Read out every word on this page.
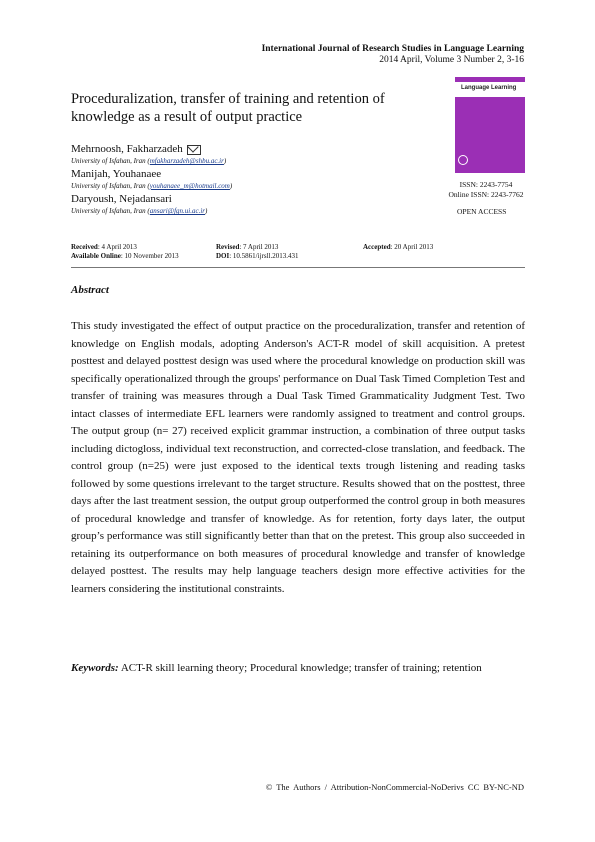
International Journal of Research Studies in Language Learning
2014 April, Volume 3 Number 2, 3-16
Language Learning
ISSN: 2243-7754
Online ISSN: 2243-7762
OPEN ACCESS
Proceduralization, transfer of training and retention of knowledge as a result of output practice
Mehrnoosh, Fakharzadeh
University of Isfahan, Iran (mfakharzadeh@shbu.ac.ir)
Manijah, Youhanaee
University of Isfahan, Iran (youhanaee_m@hotmail.com)
Daryoush, Nejadansari
University of Isfahan, Iran (ansari@fgn.ui.ac.ir)
Received: 4 April 2013	Revised: 7 April 2013	Accepted: 20 April 2013
Available Online: 10 November 2013	DOI: 10.5861/ijrsll.2013.431
Abstract
This study investigated the effect of output practice on the proceduralization, transfer and retention of knowledge on English modals, adopting Anderson's ACT-R model of skill acquisition. A pretest posttest and delayed posttest design was used where the procedural knowledge on production skill was specifically operationalized through the groups' performance on Dual Task Timed Completion Test and transfer of training was measures through a Dual Task Timed Grammaticality Judgment Test. Two intact classes of intermediate EFL learners were randomly assigned to treatment and control groups. The output group (n= 27) received explicit grammar instruction, a combination of three output tasks including dictogloss, individual text reconstruction, and corrected-close translation, and feedback. The control group (n=25) were just exposed to the identical texts trough listening and reading tasks followed by some questions irrelevant to the target structure. Results showed that on the posttest, three days after the last treatment session, the output group outperformed the control group in both measures of procedural knowledge and transfer of knowledge. As for retention, forty days later, the output group’s performance was still significantly better than that on the pretest. This group also succeeded in retaining its outperformance on both measures of procedural knowledge and transfer of knowledge delayed posttest. The results may help language teachers design more effective activities for the learners considering the institutional constraints.
Keywords: ACT-R skill learning theory; Procedural knowledge; transfer of training; retention
© The Authors / Attribution-NonCommercial-NoDerivs CC BY-NC-ND
